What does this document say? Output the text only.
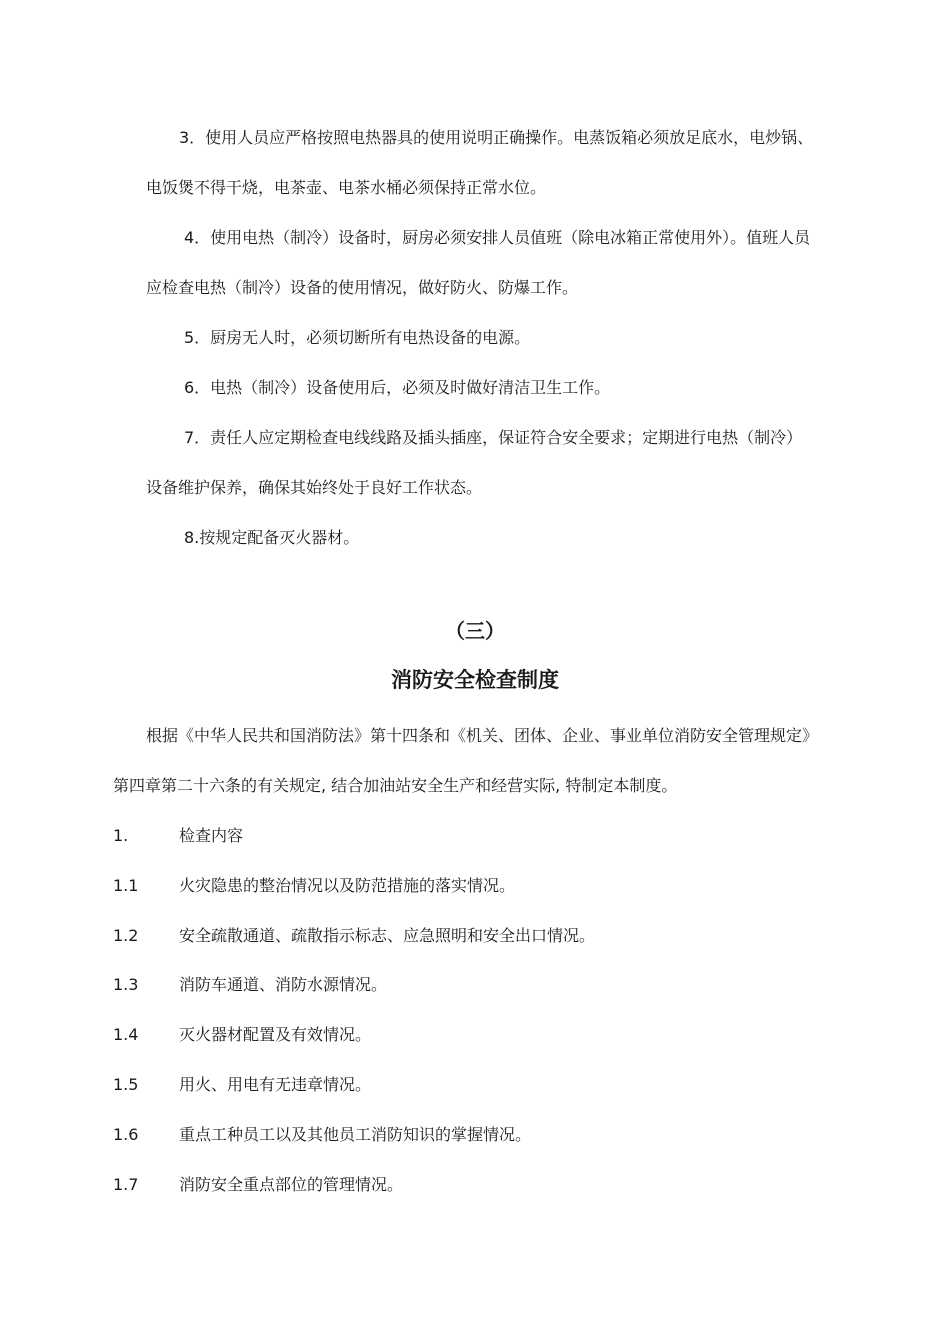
3．使用人员应严格按照电热器具的使用说明正确操作。电蒸饭箱必须放足底水，电炒锅、
电饭煲不得干烧，电茶壶、电茶水桶必须保持正常水位。
4．使用电热（制冷）设备时，厨房必须安排人员值班（除电冰箱正常使用外）。值班人员
应检查电热（制冷）设备的使用情况，做好防火、防爆工作。
5．厨房无人时，必须切断所有电热设备的电源。
6．电热（制冷）设备使用后，必须及时做好清洁卫生工作。
7．责任人应定期检查电线线路及插头插座，保证符合安全要求；定期进行电热（制冷）
设备维护保养，确保其始终处于良好工作状态。
8.按规定配备灭火器材。
（三）
消防安全检查制度
根据《中华人民共和国消防法》第十四条和《机关、团体、企业、事业单位消防安全管理规定》
第四章第二十六条的有关规定, 结合加油站安全生产和经营实际, 特制定本制度。
1.	检查内容
1.1	火灾隐患的整治情况以及防范措施的落实情况。
1.2	安全疏散通道、疏散指示标志、应急照明和安全出口情况。
1.3	消防车通道、消防水源情况。
1.4	灭火器材配置及有效情况。
1.5	用火、用电有无违章情况。
1.6	重点工种员工以及其他员工消防知识的掌握情况。
1.7	消防安全重点部位的管理情况。
